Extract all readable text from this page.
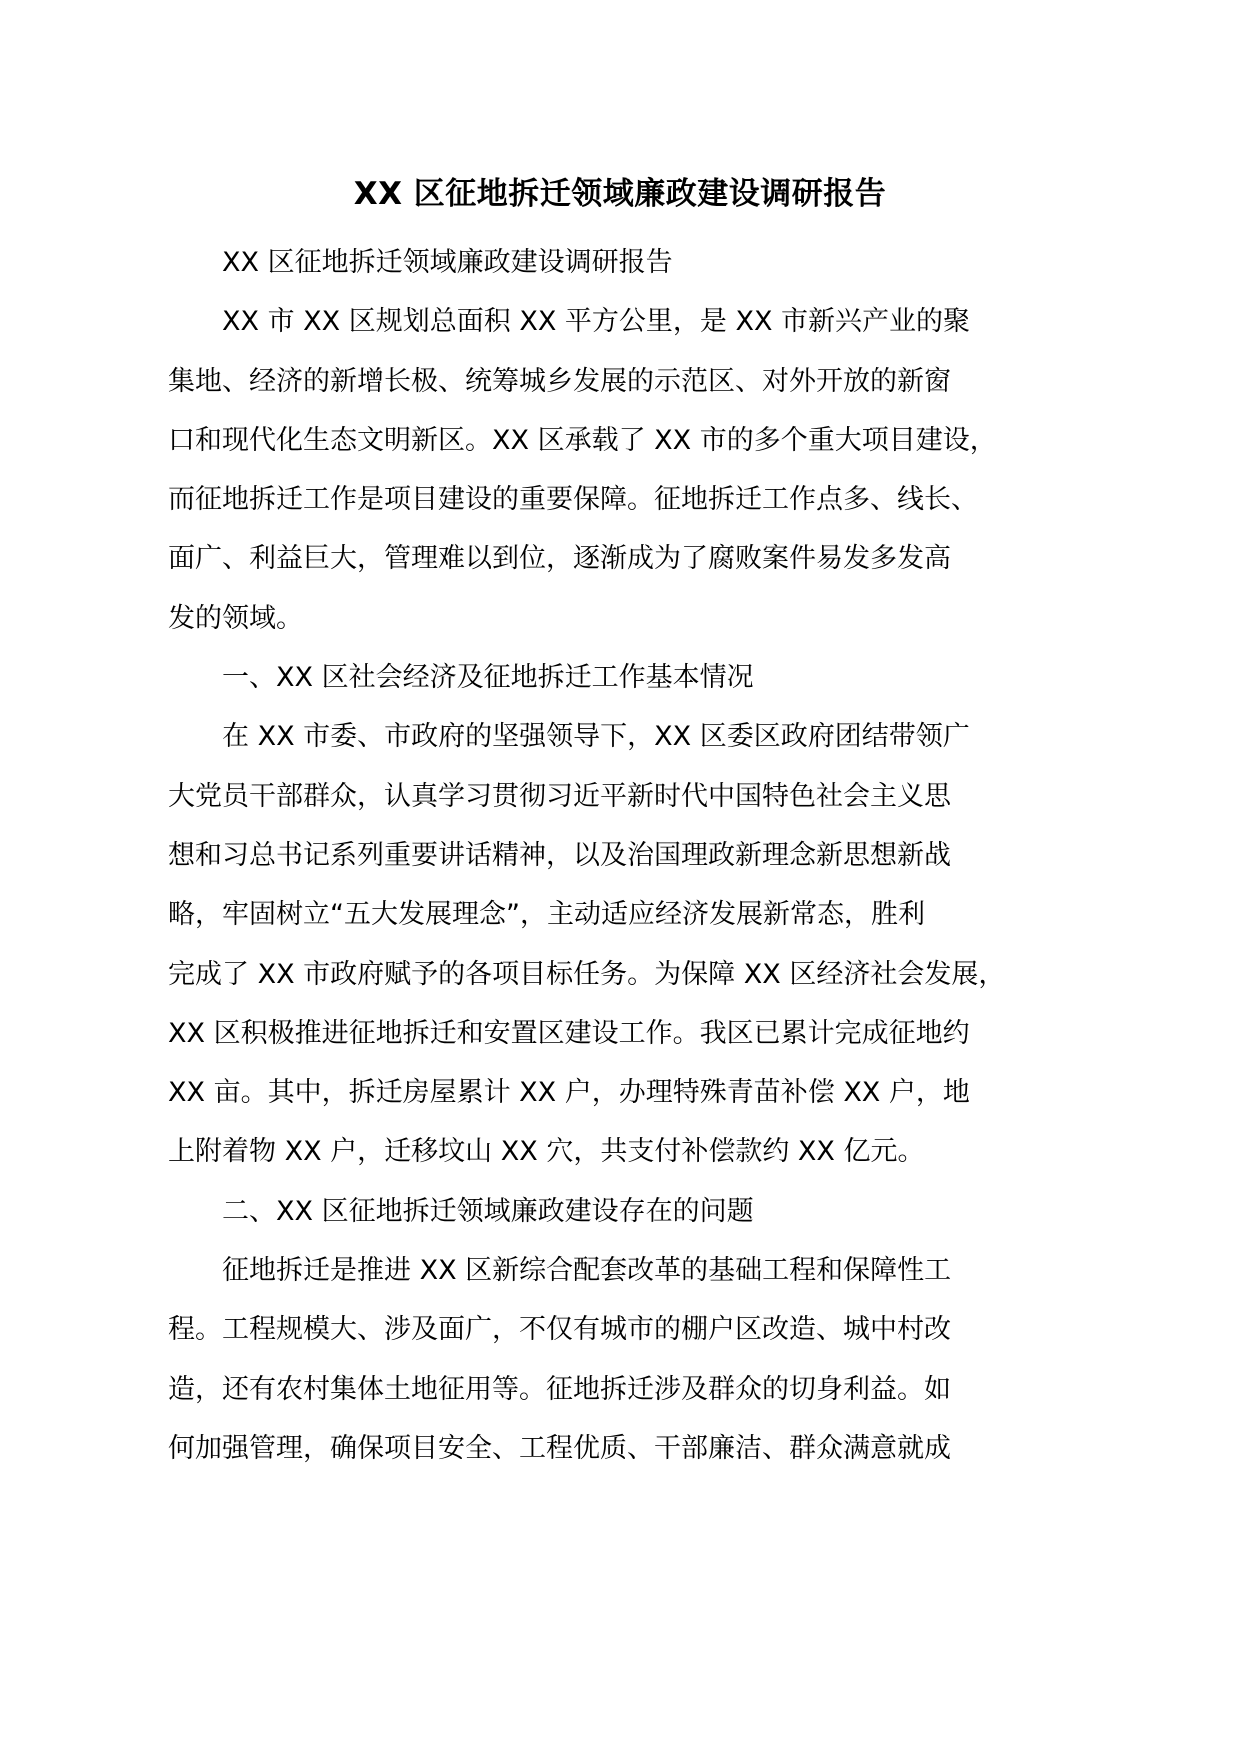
XX 区征地拆迁领域廉政建设调研报告
XX 区征地拆迁领域廉政建设调研报告
XX 市 XX 区规划总面积 XX 平方公里，是 XX 市新兴产业的聚
集地、经济的新增长极、统筹城乡发展的示范区、对外开放的新窗
口和现代化生态文明新区。XX 区承载了 XX 市的多个重大项目建设，
而征地拆迁工作是项目建设的重要保障。征地拆迁工作点多、线长、
面广、利益巨大，管理难以到位，逐渐成为了腐败案件易发多发高
发的领域。
一、XX 区社会经济及征地拆迁工作基本情况
在 XX 市委、市政府的坚强领导下，XX 区委区政府团结带领广
大党员干部群众，认真学习贯彻习近平新时代中国特色社会主义思
想和习总书记系列重要讲话精神，以及治国理政新理念新思想新战
略，牢固树立“五大发展理念”，主动适应经济发展新常态，胜利
完成了 XX 市政府赋予的各项目标任务。为保障 XX 区经济社会发展，
XX 区积极推进征地拆迁和安置区建设工作。我区已累计完成征地约
XX 亩。其中，拆迁房屋累计 XX 户，办理特殊青苗补偿 XX 户，地
上附着物 XX 户，迁移坟山 XX 穴，共支付补偿款约 XX 亿元。
二、XX 区征地拆迁领域廉政建设存在的问题
征地拆迁是推进 XX 区新综合配套改革的基础工程和保障性工
程。工程规模大、涉及面广，不仅有城市的棚户区改造、城中村改
造，还有农村集体土地征用等。征地拆迁涉及群众的切身利益。如
何加强管理，确保项目安全、工程优质、干部廉洁、群众满意就成
